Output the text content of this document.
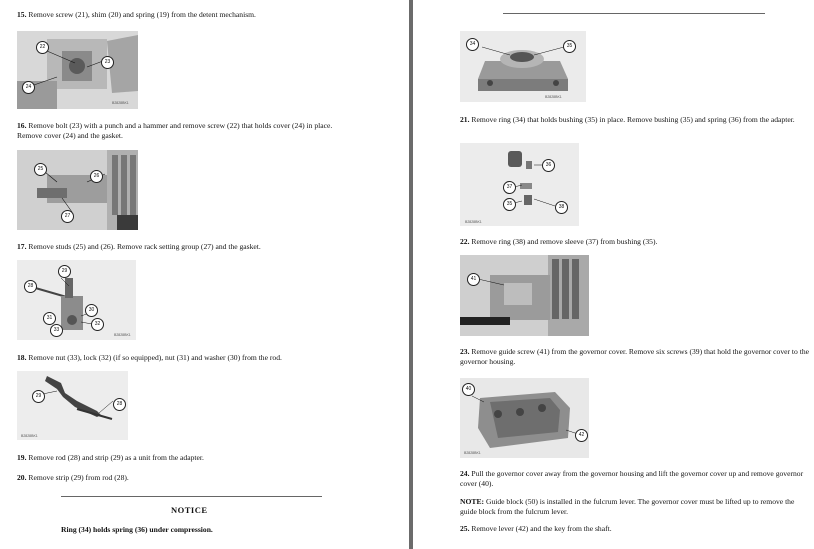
15. Remove screw (21), shim (20) and spring (19) from the detent mechanism.
22
23
24
B2828BK1
16. Remove bolt (23) with a punch and a hammer and remove screw (22) that holds cover (24) in place. Remove cover (24) and the gasket.
25
26
27
17. Remove studs (25) and (26). Remove rack setting group (27) and the gasket.
29
28
30
31
32
33
B2828BK1
18. Remove nut (33), lock (32) (if so equipped), nut (31) and washer (30) from the rod.
29
28
B2828BK1
19. Remove rod (28) and strip (29) as a unit from the adapter.
20. Remove strip (29) from rod (28).
NOTICE
Ring (34) holds spring (36) under compression.
34	35
B2828BK1
21. Remove ring (34) that holds bushing (35) in place. Remove bushing (35) and spring (36) from the adapter.
36
37
38
35
B2828BK1
22. Remove ring (38) and remove sleeve (37) from bushing (35).
41
23. Remove guide screw (41) from the governor cover. Remove six screws (39) that hold the governor cover to the governor housing.
40
42
B2828BK1
24. Pull the governor cover away from the governor housing and lift the governor cover up and remove governor cover (40).
NOTE: Guide block (50) is installed in the fulcrum lever. The governor cover must be lifted up to remove the guide block from the fulcrum lever.
25. Remove lever (42) and the key from the shaft.
